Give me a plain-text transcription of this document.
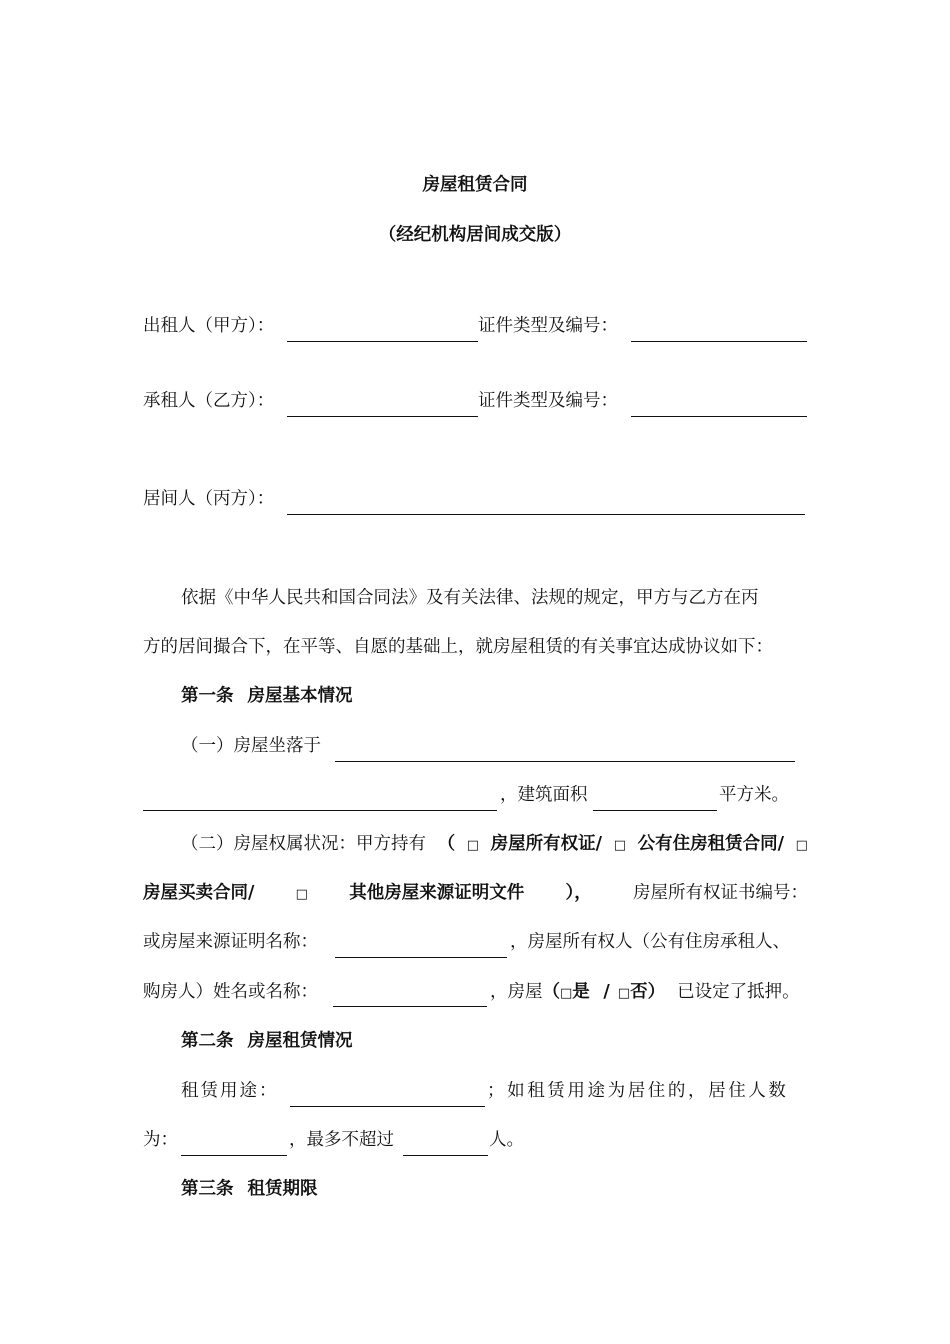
房屋租赁合同
（经纪机构居间成交版）
出租人（甲方）：	证件类型及编号：
承租人（乙方）：	证件类型及编号：
居间人（丙方）：
依据《中华人民共和国合同法》及有关法律、法规的规定，甲方与乙方在丙
方的居间撮合下，在平等、自愿的基础上，就房屋租赁的有关事宜达成协议如下：
第一条 房屋基本情况
（一）房屋坐落于
，建筑面积	平方米。
（二）房屋权属状况：甲方持有 （ □ 房屋所有权证/ □ 公有住房租赁合同/ □
房屋买卖合同/	□ 其他房屋来源证明文件 ）， 房屋所有权证书编号：
或房屋来源证明名称：	，房屋所有权人（公有住房承租人、
购房人）姓名或名称：	，房屋（□是 / □否） 已设定了抵押。
第二条 房屋租赁情况
租赁用途：	；如租赁用途为居住的，居住人数
为：	，最多不超过	人。
第三条 租赁期限
